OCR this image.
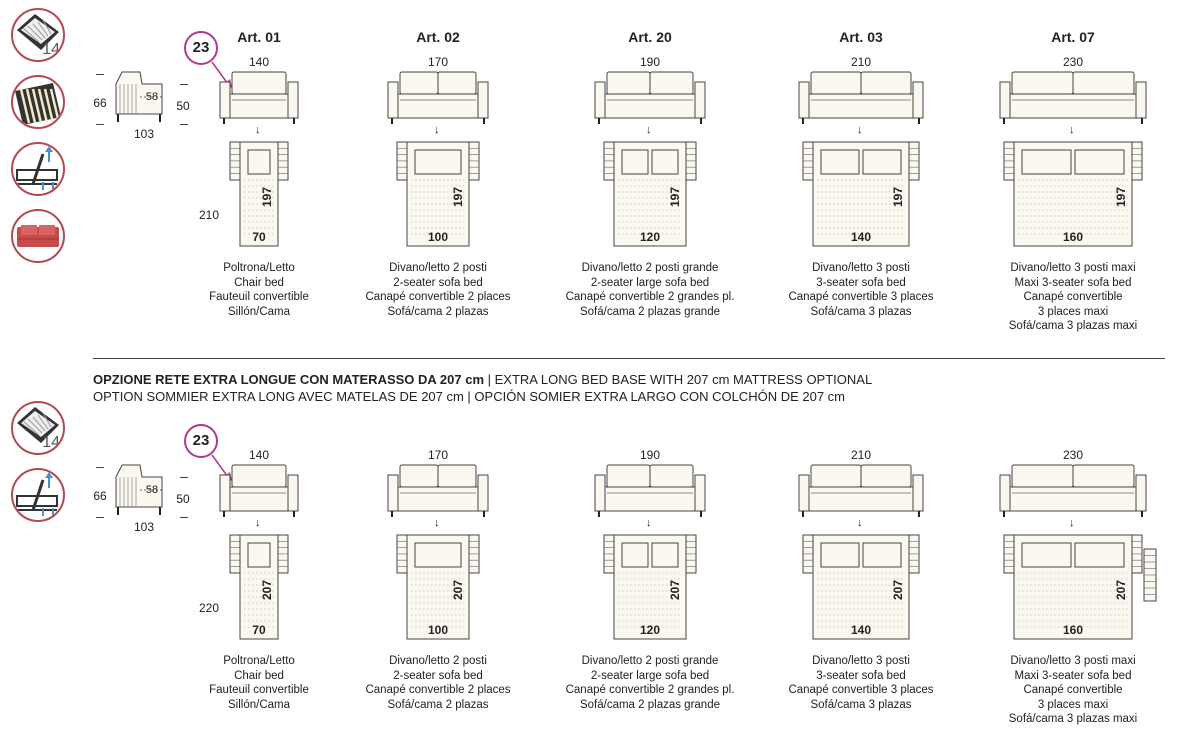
OPZIONE RETE EXTRA LONGUE CON MATERASSO DA 207 cm | EXTRA LONG BED BASE WITH 207 cm MATTRESS OPTIONAL
OPTION SOMMIER EXTRA LONG AVEC MATELAS DE 207 cm | OPCIÓN SOMIER EXTRA LARGO CON COLCHÓN DE 207 cm
14
66	58
50
103
23
210
Art. 01
140
↓
70
197
Poltrona/Letto
Chair bed
Fauteuil convertible
Sillón/Cama
Art. 02
170
↓
100
197
Divano/letto 2 posti
2-seater sofa bed
Canapé convertible 2 places
Sofá/cama 2 plazas
Art. 20
190
↓
120
197
Divano/letto 2 posti grande
2-seater large sofa bed
Canapé convertible 2 grandes pl.
Sofá/cama 2 plazas grande
Art. 03
210
↓
140
197
Divano/letto 3 posti
3-seater sofa bed
Canapé convertible 3 places
Sofá/cama 3 plazas
Art. 07
230
↓
160
197
Divano/letto 3 posti maxi
Maxi 3-seater sofa bed
Canapé convertible
3 places maxi
Sofá/cama 3 plazas maxi
14
66	58
50
103
23
220
140
↓
70
207
Poltrona/Letto
Chair bed
Fauteuil convertible
Sillón/Cama
170
↓
100
207
Divano/letto 2 posti
2-seater sofa bed
Canapé convertible 2 places
Sofá/cama 2 plazas
190
↓
120
207
Divano/letto 2 posti grande
2-seater large sofa bed
Canapé convertible 2 grandes pl.
Sofá/cama 2 plazas grande
210
↓
140
207
Divano/letto 3 posti
3-seater sofa bed
Canapé convertible 3 places
Sofá/cama 3 plazas
230
↓
160
207
Divano/letto 3 posti maxi
Maxi 3-seater sofa bed
Canapé convertible
3 places maxi
Sofá/cama 3 plazas maxi
